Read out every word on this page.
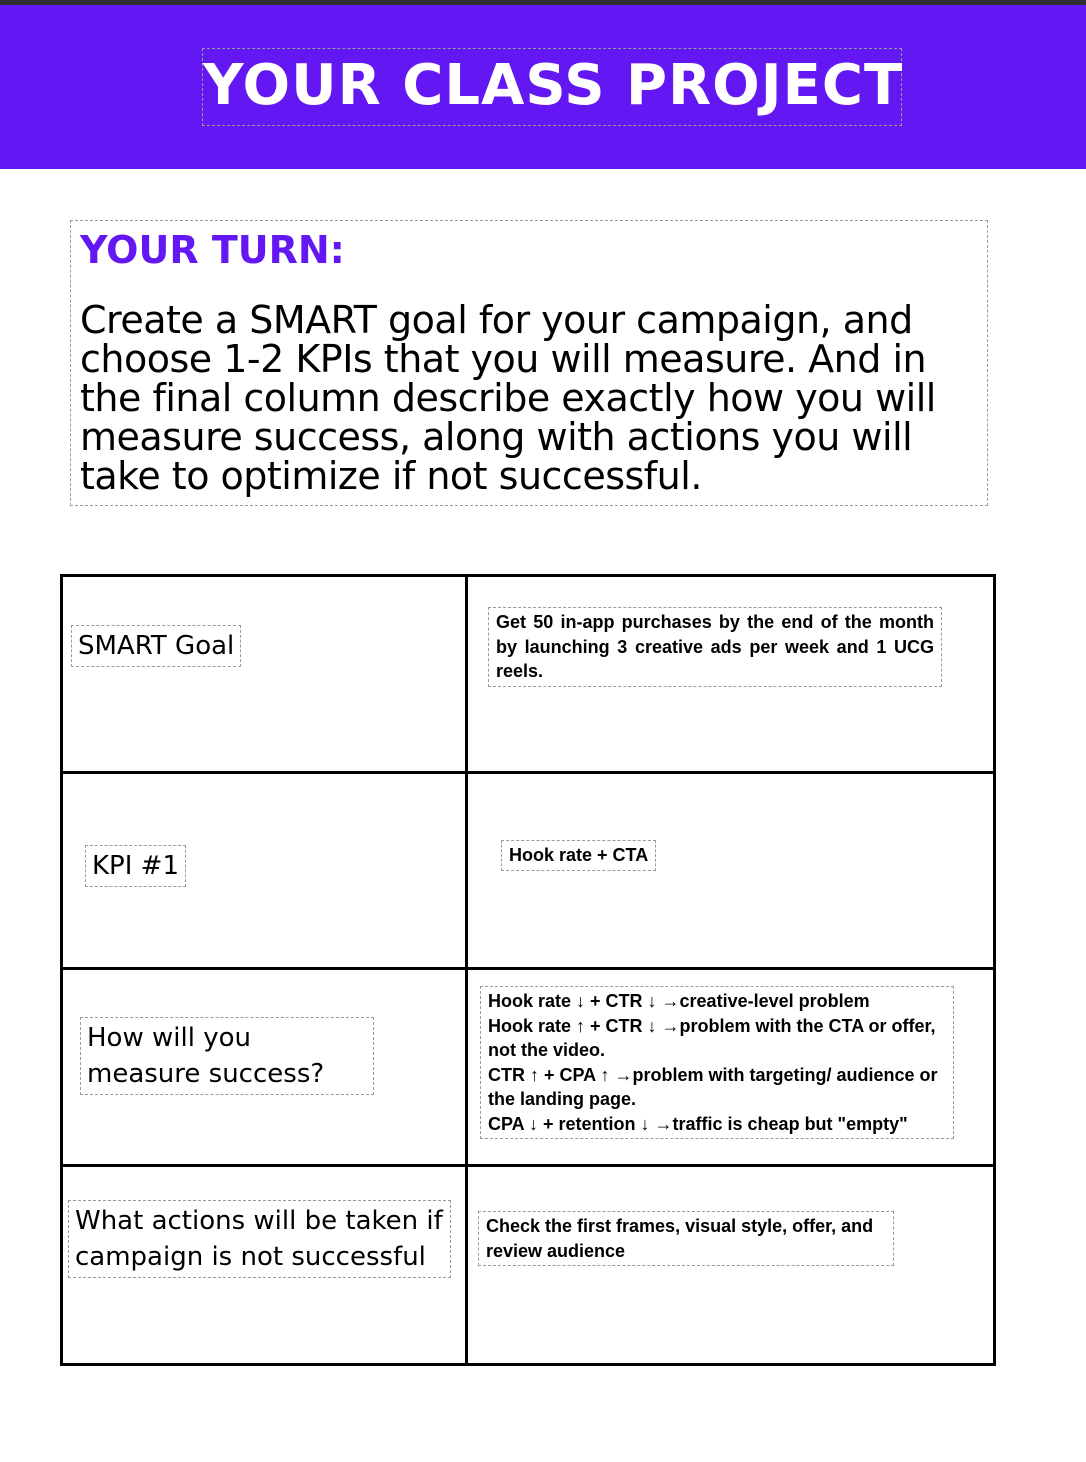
YOUR CLASS PROJECT
YOUR TURN:
Create a SMART goal for your campaign, and choose 1-2 KPIs that you will measure. And in the final column describe exactly how you will measure success, along with actions you will take to optimize if not successful.
SMART Goal	Get 50 in-app purchases by the end of the month by launching 3 creative ads per week and 1 UCG reels.

KPI #1	Hook rate + CTA

How will you measure success?	Hook rate ↓ + CTR ↓ →creative-level problem
Hook rate ↑ + CTR ↓ →problem with the CTA or offer, not the video.
CTR ↑ + CPA ↑ →problem with targeting/ audience or the landing page.
CPA ↓ + retention ↓ →traffic is cheap but "empty"

What actions will be taken if campaign is not successful	Check the first frames, visual style, offer, and review audience
